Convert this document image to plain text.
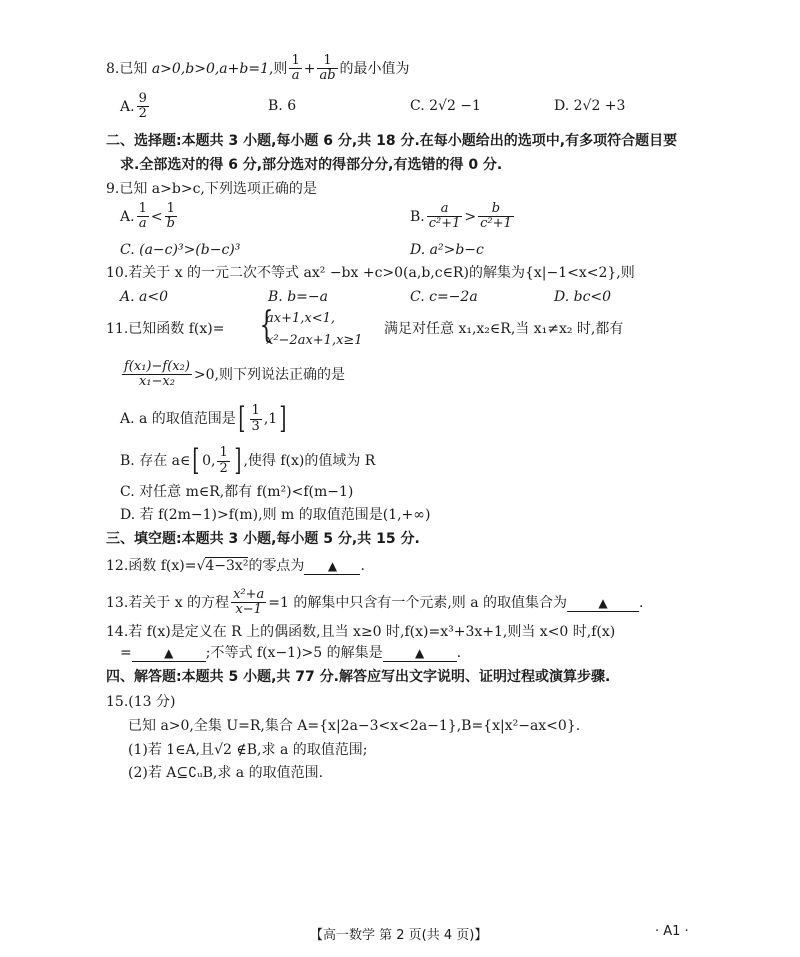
8.已知 a>0,b>0,a+b=1,则 $\frac{1}{a} + \frac{1}{ab}$ 的最小值为
A. $\frac{9}{2}$	B. 6	C. 2√2 −1	D. 2√2 +3
二、选择题:本题共 3 小题,每小题 6 分,共 18 分.在每小题给出的选项中,有多项符合题目要
求.全部选对的得 6 分,部分选对的得部分分,有选错的得 0 分.
9.已知 a>b>c,下列选项正确的是
A. $\frac{1}{a} < \frac{1}{b}$	B. $\frac{a}{\text{c²+1}} > \frac{b}{\text{c²+1}}$
C. (a−c)³>(b−c)³	D. a²>b−c
10.若关于 x 的一元二次不等式 ax² −bx +c>0(a,b,c∈R)的解集为{x|−1<x<2},则
A. a<0	B. b=−a	C. c=−2a	D. bc<0
11.已知函数 f(x)= {
ax+1,x<1,
x²−2ax+1,x≥1
满足对任意 x₁,x₂∈R,当 x₁≠x₂ 时,都有
$\frac{\text{f(x₁)−f(x₂)}}{\text{x₁−x₂}} >0$,则下列说法正确的是
A. a 的取值范围是[ $\frac{1}{3} ,1$]
B. 存在 a∈[ 0, $\frac{1}{2}$ ] ,使得 f(x)的值域为 R
C. 对任意 m∈R,都有 f(m²)<f(m−1)
D. 若 f(2m−1)>f(m),则 m 的取值范围是(1,+∞)
三、填空题:本题共 3 小题,每小题 5 分,共 15 分.
12.函数 f(x)=√4−3x²的零点为 ▲ .
13.若关于 x 的方程 $\frac{\text{x²+a}}{x-1} =1$ 的解集中只含有一个元素,则 a 的取值集合为	▲ .
14.若 f(x)是定义在 R 上的偶函数,且当 x≥0 时,f(x)=x³+3x+1,则当 x<0 时,f(x)
=	▲ ;不等式 f(x−1)>5 的解集是	▲ .
四、解答题:本题共 5 小题,共 77 分.解答应写出文字说明、证明过程或演算步骤.
15.(13 分)
已知 a>0,全集 U=R,集合 A={x|2a−3<x<2a−1},B={x|x²−ax<0}.
(1)若 1∈A,且√2 ∉B,求 a 的取值范围;
(2)若 A⊆∁ᵤB,求 a 的取值范围.
【高一数学 第 2 页(共 4 页)】	· A1 ·
